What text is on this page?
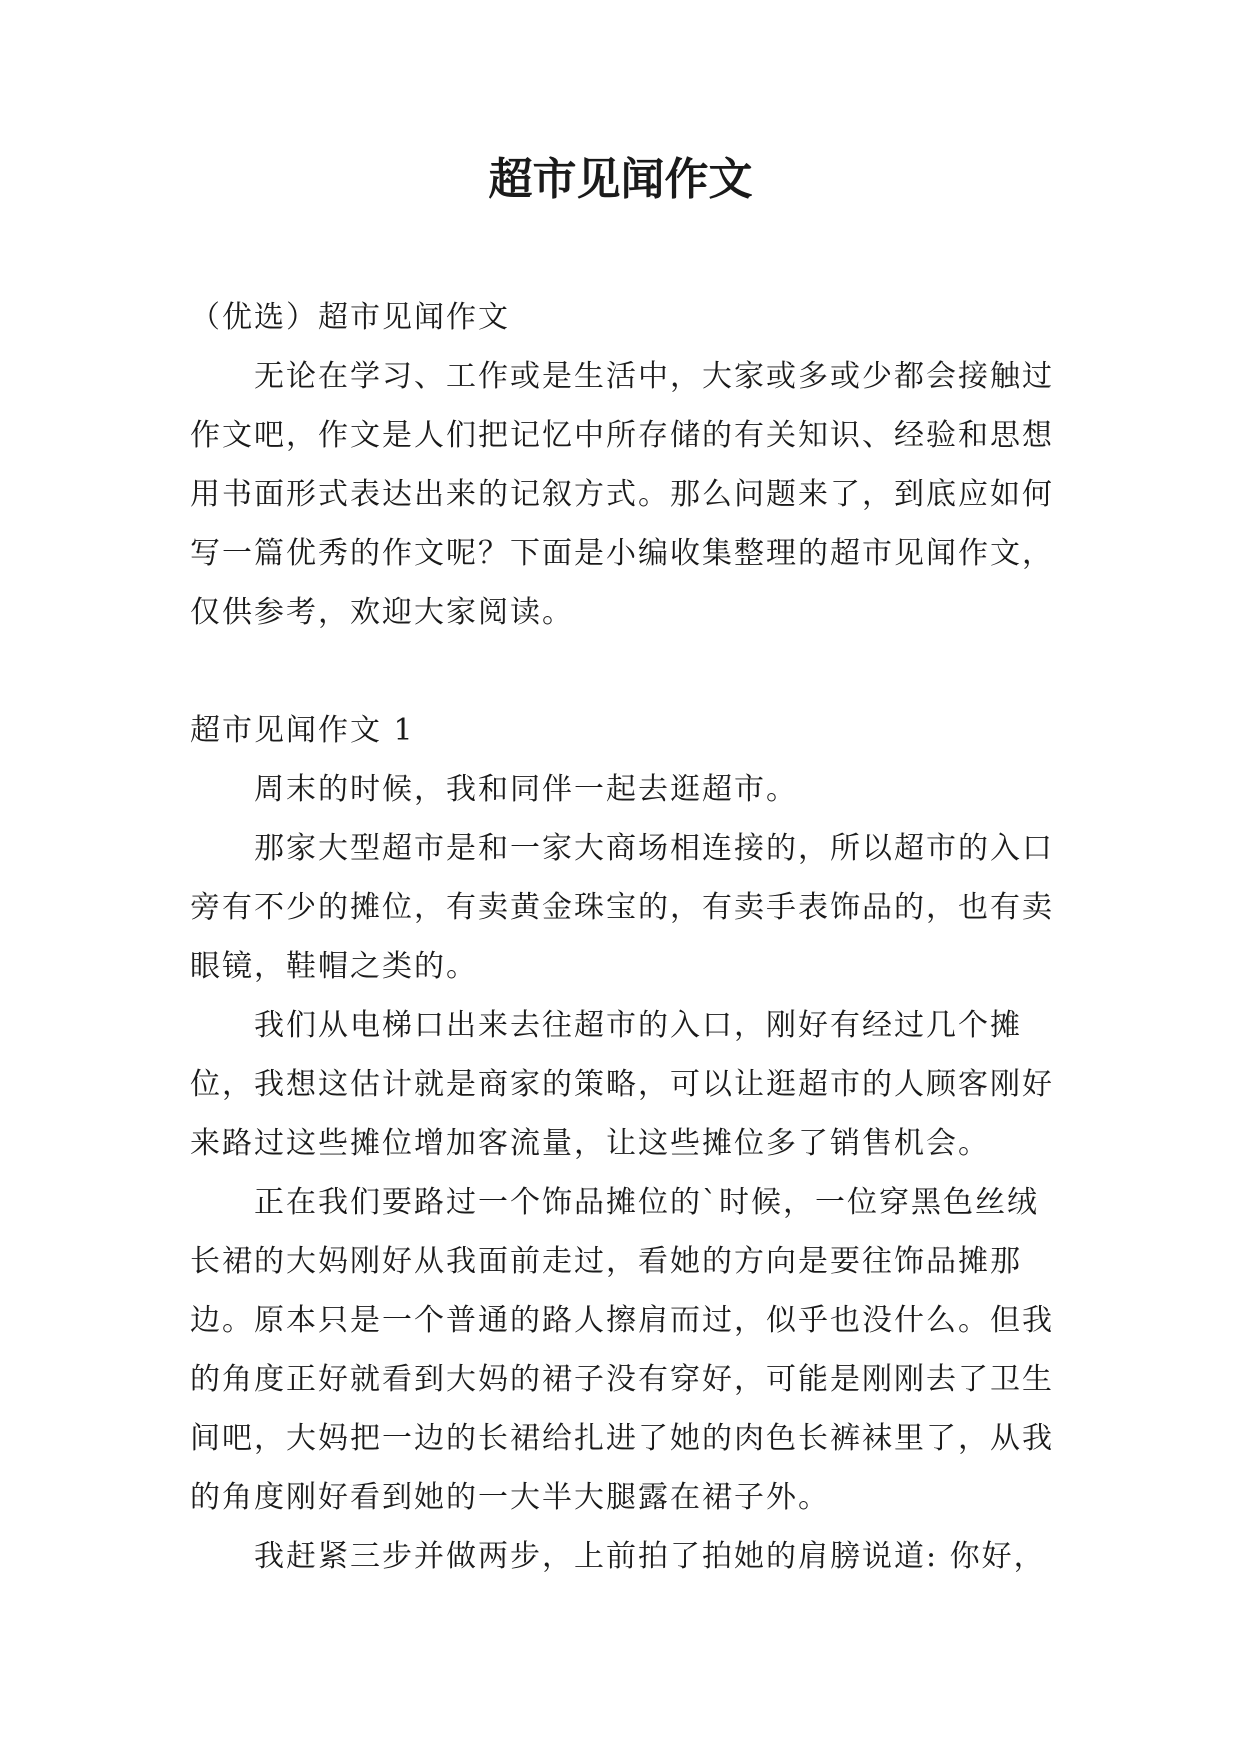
超市见闻作文

（优选）超市见闻作文

无论在学习、工作或是生活中，大家或多或少都会接触过作文吧，作文是人们把记忆中所存储的有关知识、经验和思想用书面形式表达出来的记叙方式。那么问题来了，到底应如何写一篇优秀的作文呢？下面是小编收集整理的超市见闻作文，仅供参考，欢迎大家阅读。

超市见闻作文 1

周末的时候，我和同伴一起去逛超市。

那家大型超市是和一家大商场相连接的，所以超市的入口旁有不少的摊位，有卖黄金珠宝的，有卖手表饰品的，也有卖眼镜，鞋帽之类的。

我们从电梯口出来去往超市的入口，刚好有经过几个摊位，我想这估计就是商家的策略，可以让逛超市的人顾客刚好来路过这些摊位增加客流量，让这些摊位多了销售机会。

正在我们要路过一个饰品摊位的`时候，一位穿黑色丝绒长裙的大妈刚好从我面前走过，看她的方向是要往饰品摊那边。原本只是一个普通的路人擦肩而过，似乎也没什么。但我的角度正好就看到大妈的裙子没有穿好，可能是刚刚去了卫生间吧，大妈把一边的长裙给扎进了她的肉色长裤袜里了，从我的角度刚好看到她的一大半大腿露在裙子外。

我赶紧三步并做两步，上前拍了拍她的肩膀说道: 你好，
